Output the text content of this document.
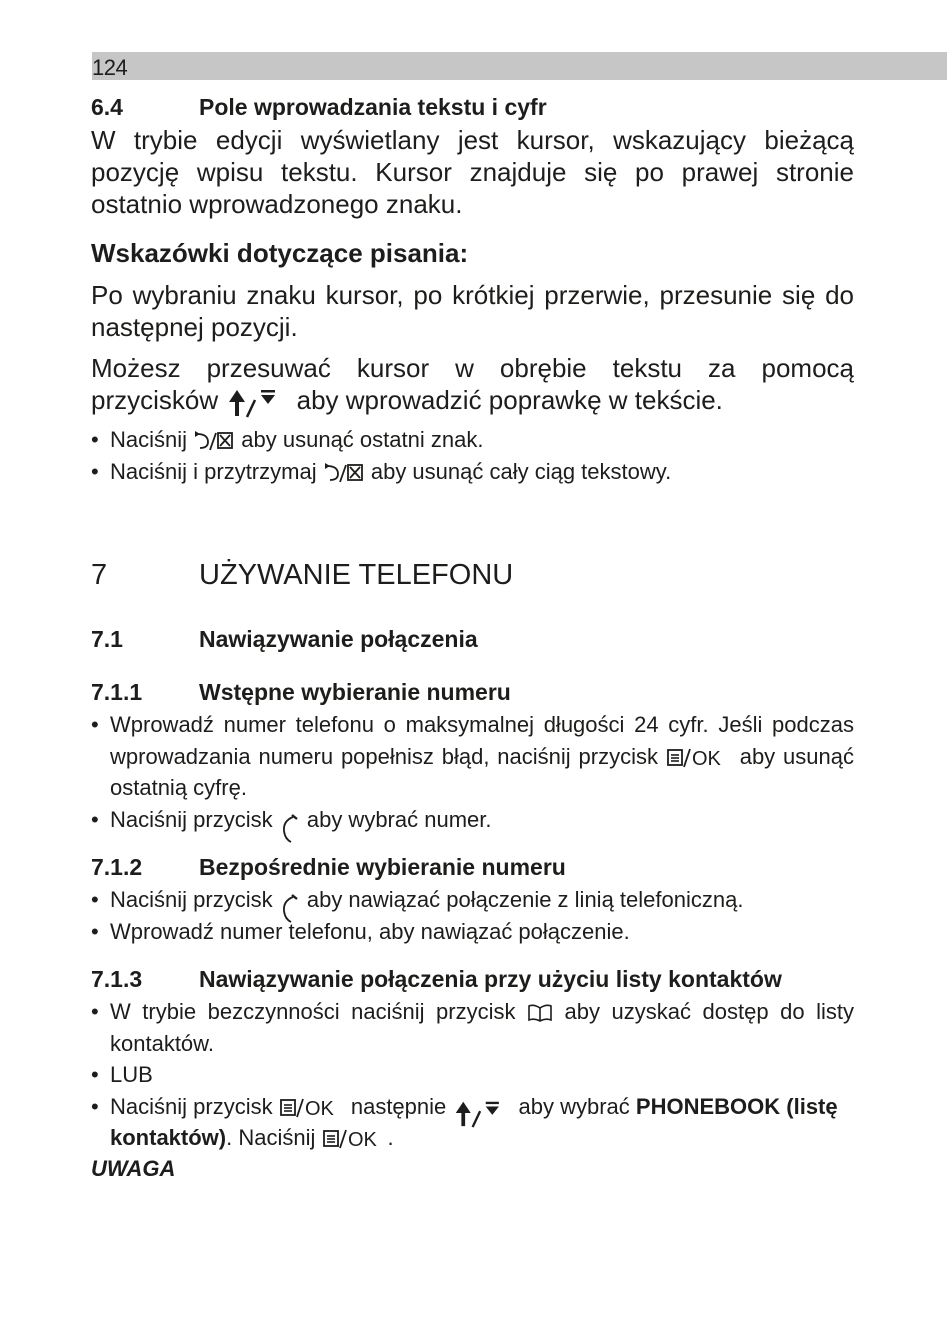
124
6.4	Pole wprowadzania tekstu i cyfr
W trybie edycji wyświetlany jest kursor, wskazujący bieżącą pozycję wpisu tekstu. Kursor znajduje się po prawej stronie ostatnio wprowadzonego znaku.
Wskazówki dotyczące pisania:
Po wybraniu znaku kursor, po krótkiej przerwie, przesunie się do następnej pozycji.
Możesz przesuwać kursor w obrębie tekstu za pomocą
przycisków	aby wprowadzić poprawkę w tekście.
• Naciśnij aby usunąć ostatni znak.
• Naciśnij i przytrzymaj aby usunąć cały ciąg tekstowy.
7	UŻYWANIE TELEFONU
7.1	Nawiązywanie połączenia
7.1.1	Wstępne wybieranie numeru
• Wprowadź numer telefonu o maksymalnej długości 24 cyfr. Jeśli podczas wprowadzania numeru popełnisz błąd, naciśnij przycisk OK aby usunąć ostatnią cyfrę.
• Naciśnij przycisk aby wybrać numer.
7.1.2	Bezpośrednie wybieranie numeru
• Naciśnij przycisk aby nawiązać połączenie z linią telefoniczną.
• Wprowadź numer telefonu, aby nawiązać połączenie.
7.1.3	Nawiązywanie połączenia przy użyciu listy kontaktów
• W trybie bezczynności naciśnij przycisk aby uzyskać dostęp do listy kontaktów.
• LUB
• Naciśnij przycisk OK następnie	aby wybrać PHONEBOOK (listę kontaktów). Naciśnij OK .
UWAGA
